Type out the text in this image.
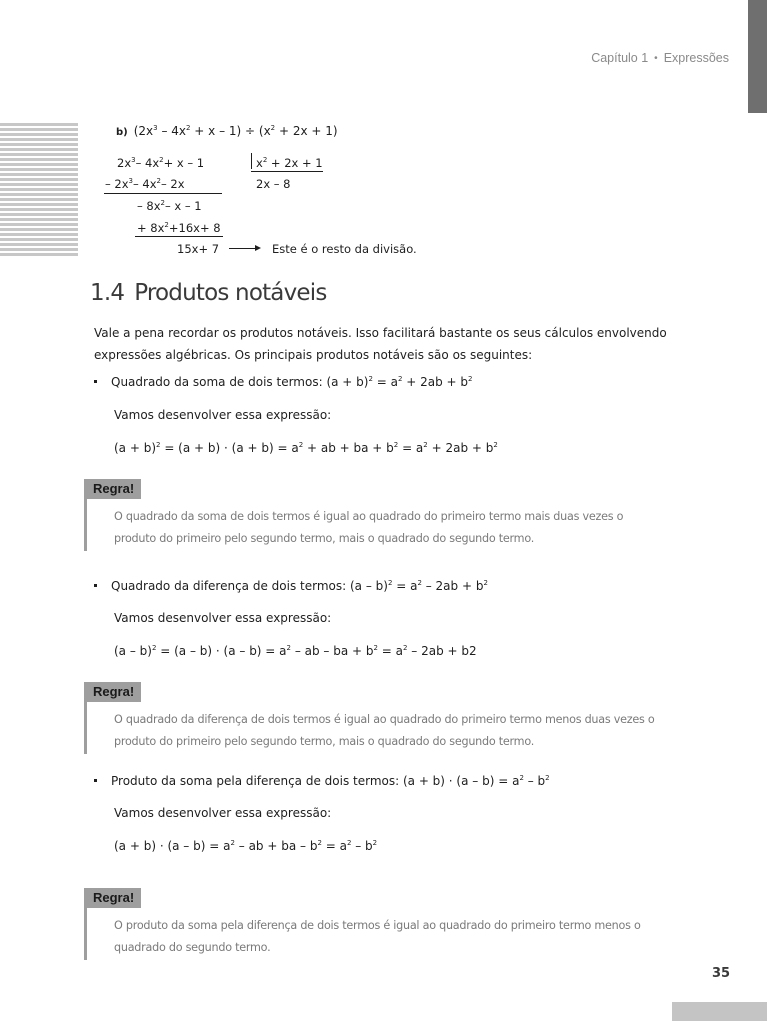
Capítulo 1 • Expressões
b) $(2x^3 - 4x^2 + x - 1) \div (x^2 + 2x + 1)$
$2x^3-$ $4x^2+ x - 1$	$x^2 + 2x + 1$
– $2x^3-$ $4x^2-$ 2x	2x – 8
– $8x^2-$ x – 1
+ $8x^2+16x+ 8$
15x+ 7	Este é o resto da divisão.
1.4 Produtos notáveis
Vale a pena recordar os produtos notáveis. Isso facilitará bastante os seus cálculos envolvendo expressões algébricas. Os principais produtos notáveis são os seguintes:
Quadrado da soma de dois termos: $(a + b)^2 = a^2 + 2ab + b^2$
Vamos desenvolver essa expressão:
$(a + b)^2 = (a + b) \cdot (a + b) = a^2$ + ab + ba + $b^2 = a^2 + 2ab + b^2$
Regra!
O quadrado da soma de dois termos é igual ao quadrado do primeiro termo mais duas vezes o produto do primeiro pelo segundo termo, mais o quadrado do segundo termo.
Quadrado da diferença de dois termos: $(a - b)^2 = a^2 - 2ab + b^2$
Vamos desenvolver essa expressão:
$(a - b)^2 = (a - b) \cdot (a - b) = a^2$ – ab – ba + $b^2 = a^2 - 2ab + b2$
Regra!
O quadrado da diferença de dois termos é igual ao quadrado do primeiro termo menos duas vezes o produto do primeiro pelo segundo termo, mais o quadrado do segundo termo.
Produto da soma pela diferença de dois termos: $(a + b) \cdot (a - b) = a^2 - b^2$
Vamos desenvolver essa expressão:
$(a + b) \cdot (a - b) = a^2$ – ab + ba – $b^2 = a^2 - b^2$
Regra!
O produto da soma pela diferença de dois termos é igual ao quadrado do primeiro termo menos o quadrado do segundo termo.
35
